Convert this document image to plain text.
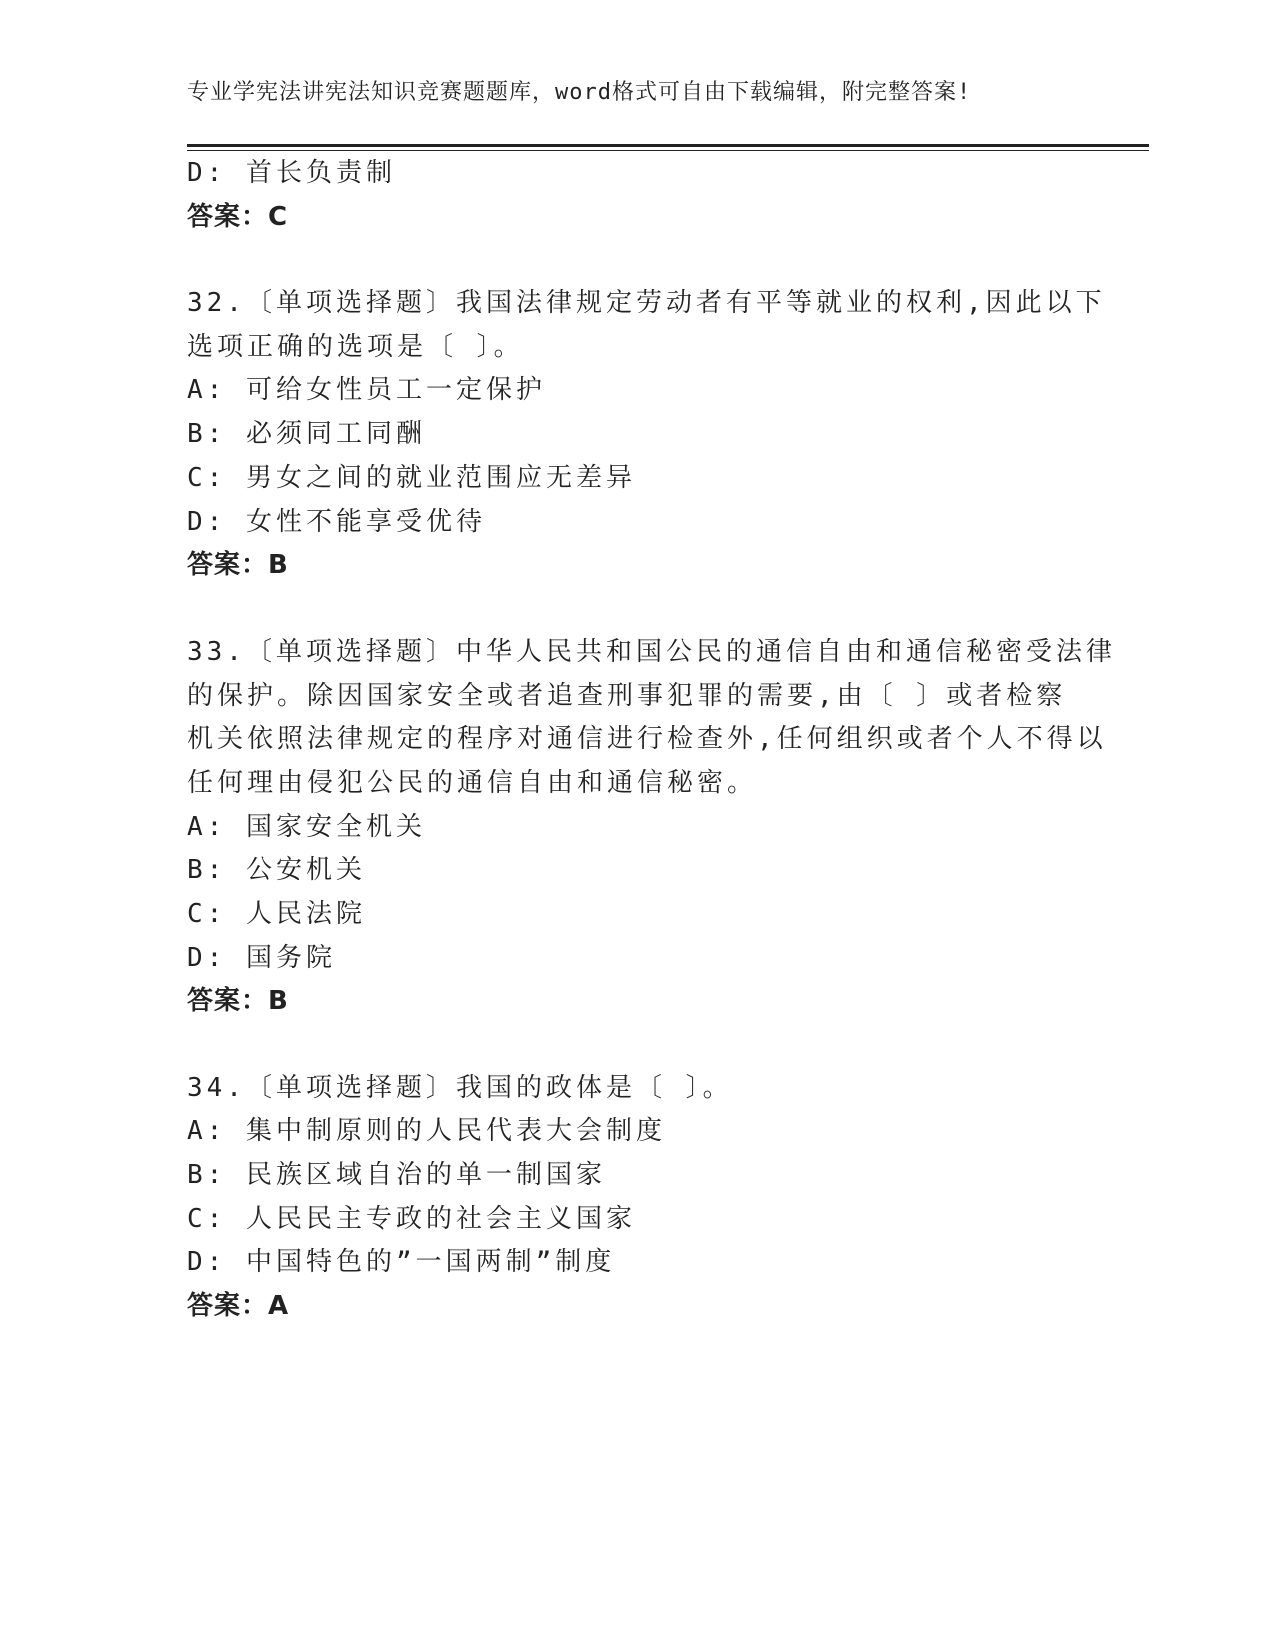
专业学宪法讲宪法知识竞赛题题库，word格式可自由下载编辑，附完整答案!
D: 首长负责制
答案：C
32.〔单项选择题〕我国法律规定劳动者有平等就业的权利,因此以下
选项正确的选项是〔 〕。
A: 可给女性员工一定保护
B: 必须同工同酬
C: 男女之间的就业范围应无差异
D: 女性不能享受优待
答案：B
33.〔单项选择题〕中华人民共和国公民的通信自由和通信秘密受法律
的保护。除因国家安全或者追查刑事犯罪的需要,由〔 〕或者检察
机关依照法律规定的程序对通信进行检查外,任何组织或者个人不得以
任何理由侵犯公民的通信自由和通信秘密。
A: 国家安全机关
B: 公安机关
C: 人民法院
D: 国务院
答案：B
34.〔单项选择题〕我国的政体是〔 〕。
A: 集中制原则的人民代表大会制度
B: 民族区域自治的单一制国家
C: 人民民主专政的社会主义国家
D: 中国特色的”一国两制”制度
答案：A
